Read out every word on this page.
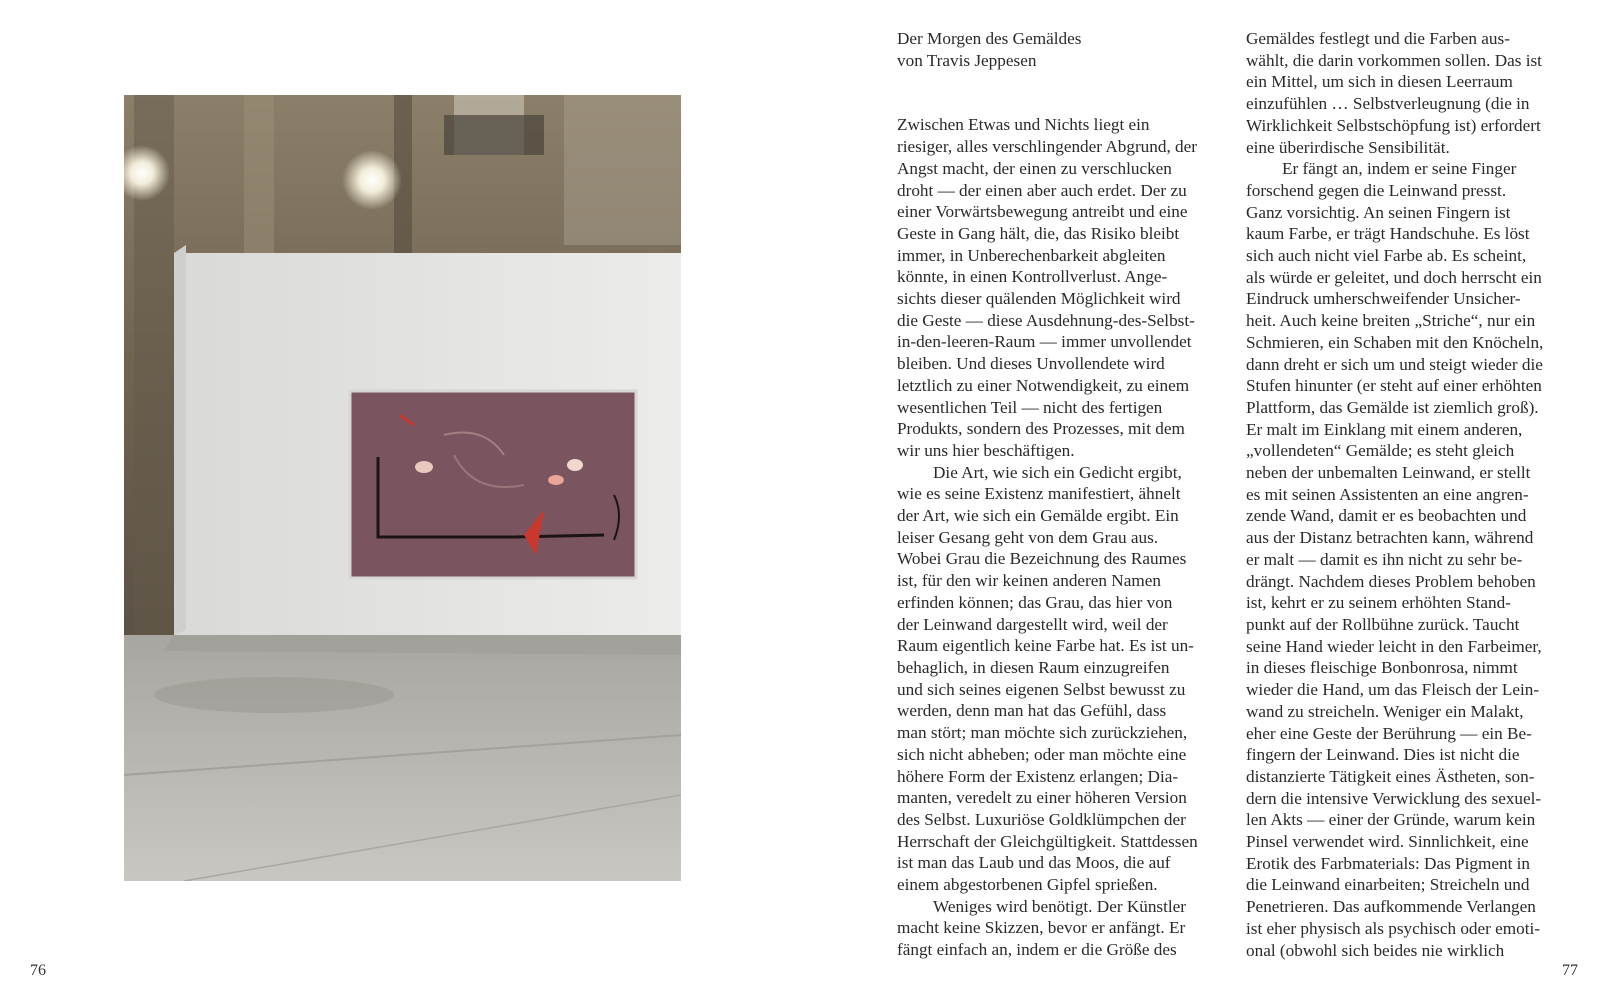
76	77
Der Morgen des Gemäldes
von Travis Jeppesen
Zwischen Etwas und Nichts liegt ein
riesiger, alles verschlingender Abgrund, der
Angst macht, der einen zu verschlucken
droht — der einen aber auch erdet. Der zu
einer Vorwärtsbewegung antreibt und eine
Geste in Gang hält, die, das Risiko bleibt
immer, in Unberechenbarkeit abgleiten
könnte, in einen Kontrollverlust. Ange-
sichts dieser quälenden Möglichkeit wird
die Geste — diese Ausdehnung-des-Selbst-
in-den-leeren-Raum — immer unvollendet
bleiben. Und dieses Unvollendete wird
letztlich zu einer Notwendigkeit, zu einem
wesentlichen Teil — nicht des fertigen
Produkts, sondern des Prozesses, mit dem
wir uns hier beschäftigen.
Die Art, wie sich ein Gedicht ergibt,
wie es seine Existenz manifestiert, ähnelt
der Art, wie sich ein Gemälde ergibt. Ein
leiser Gesang geht von dem Grau aus.
Wobei Grau die Bezeichnung des Raumes
ist, für den wir keinen anderen Namen
erfinden können; das Grau, das hier von
der Leinwand dargestellt wird, weil der
Raum eigentlich keine Farbe hat. Es ist un-
behaglich, in diesen Raum einzugreifen
und sich seines eigenen Selbst bewusst zu
werden, denn man hat das Gefühl, dass
man stört; man möchte sich zurückziehen,
sich nicht abheben; oder man möchte eine
höhere Form der Existenz erlangen; Dia-
manten, veredelt zu einer höheren Version
des Selbst. Luxuriöse Goldklümpchen der
Herrschaft der Gleichgültigkeit. Stattdessen
ist man das Laub und das Moos, die auf
einem abgestorbenen Gipfel sprießen.
Weniges wird benötigt. Der Künstler
macht keine Skizzen, bevor er anfängt. Er
fängt einfach an, indem er die Größe des
Gemäldes festlegt und die Farben aus-
wählt, die darin vorkommen sollen. Das ist
ein Mittel, um sich in diesen Leerraum
einzufühlen … Selbstverleugnung (die in
Wirklichkeit Selbstschöpfung ist) erfordert
eine überirdische Sensibilität.
Er fängt an, indem er seine Finger
forschend gegen die Leinwand presst.
Ganz vorsichtig. An seinen Fingern ist
kaum Farbe, er trägt Handschuhe. Es löst
sich auch nicht viel Farbe ab. Es scheint,
als würde er geleitet, und doch herrscht ein
Eindruck umherschweifender Unsicher-
heit. Auch keine breiten „Striche“, nur ein
Schmieren, ein Schaben mit den Knöcheln,
dann dreht er sich um und steigt wieder die
Stufen hinunter (er steht auf einer erhöhten
Plattform, das Gemälde ist ziemlich groß).
Er malt im Einklang mit einem anderen,
„vollendeten“ Gemälde; es steht gleich
neben der unbemalten Leinwand, er stellt
es mit seinen Assistenten an eine angren-
zende Wand, damit er es beobachten und
aus der Distanz betrachten kann, während
er malt — damit es ihn nicht zu sehr be-
drängt. Nachdem dieses Problem behoben
ist, kehrt er zu seinem erhöhten Stand-
punkt auf der Rollbühne zurück. Taucht
seine Hand wieder leicht in den Farbeimer,
in dieses fleischige Bonbonrosa, nimmt
wieder die Hand, um das Fleisch der Lein-
wand zu streicheln. Weniger ein Malakt,
eher eine Geste der Berührung — ein Be-
fingern der Leinwand. Dies ist nicht die
distanzierte Tätigkeit eines Ästheten, son-
dern die intensive Verwicklung des sexuel-
len Akts — einer der Gründe, warum kein
Pinsel verwendet wird. Sinnlichkeit, eine
Erotik des Farbmaterials: Das Pigment in
die Leinwand einarbeiten; Streicheln und
Penetrieren. Das aufkommende Verlangen
ist eher physisch als psychisch oder emoti-
onal (obwohl sich beides nie wirklich
